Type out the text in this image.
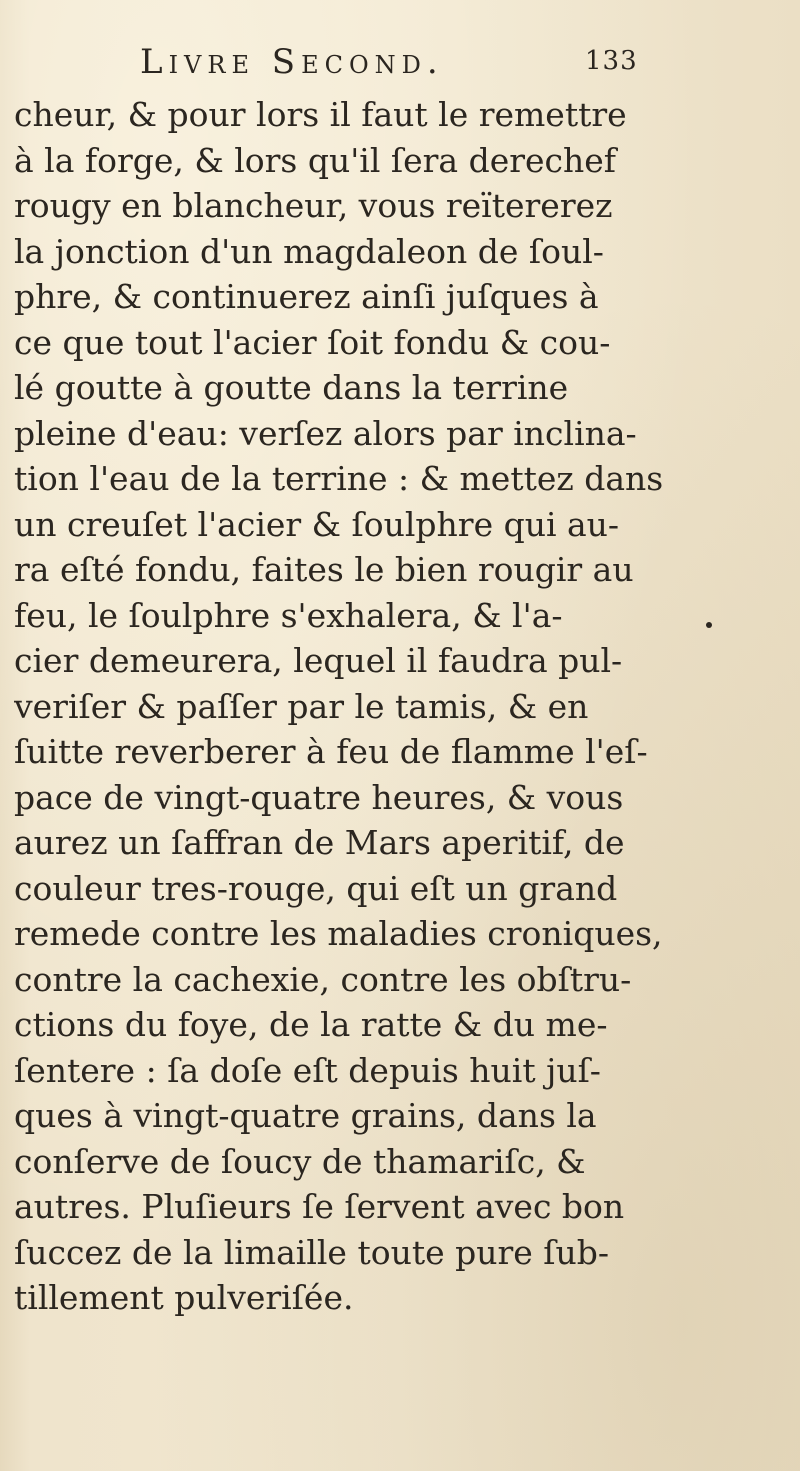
Livre Second.	133
cheur, & pour lors il faut le remettre
à la forge, & lors qu'il ſera derechef
rougy en blancheur, vous reïtererez
la jonction d'un magdaleon de ſoul-
phre, & continuerez ainſi juſques à
ce que tout l'acier ſoit fondu & cou-
lé goutte à goutte dans la terrine
pleine d'eau: verſez alors par inclina-
tion l'eau de la terrine : & mettez dans
un creuſet l'acier & ſoulphre qui au-
ra eſté fondu, faites le bien rougir au
feu, le ſoulphre s'exhalera, & l'a-
cier demeurera, lequel il faudra pul-
veriſer & paſſer par le tamis, & en
ſuitte reverberer à feu de flamme l'eſ-
pace de vingt-quatre heures, & vous
aurez un ſaffran de Mars aperitif, de
couleur tres-rouge, qui eſt un grand
remede contre les maladies croniques,
contre la cachexie, contre les obſtru-
ctions du foye, de la ratte & du me-
ſentere : ſa doſe eſt depuis huit juſ-
ques à vingt-quatre grains, dans la
conſerve de ſoucy de thamariſc, &
autres. Pluſieurs ſe ſervent avec bon
ſuccez de la limaille toute pure ſub-
tillement pulveriſée.
